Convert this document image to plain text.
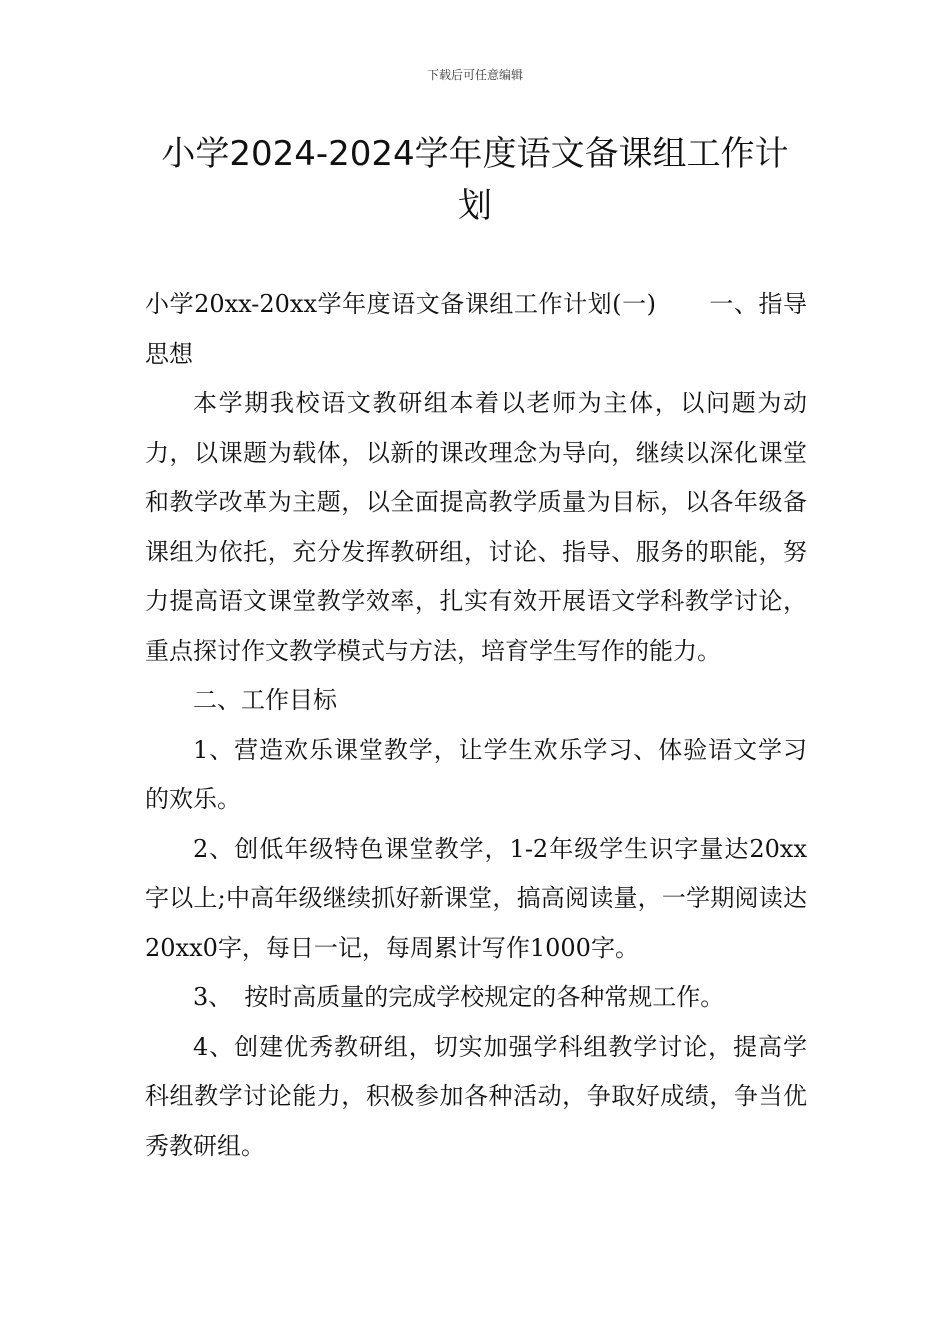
下载后可任意编辑
小学2024-2024学年度语文备课组工作计划

小学20xx-20xx学年度语文备课组工作计划(一) 一、指导思想

本学期我校语文教研组本着以老师为主体，以问题为动力，以课题为载体，以新的课改理念为导向，继续以深化课堂和教学改革为主题，以全面提高教学质量为目标，以各年级备课组为依托，充分发挥教研组，讨论、指导、服务的职能，努力提高语文课堂教学效率，扎实有效开展语文学科教学讨论，重点探讨作文教学模式与方法，培育学生写作的能力。

二、工作目标

1、营造欢乐课堂教学，让学生欢乐学习、体验语文学习的欢乐。

2、创低年级特色课堂教学，1-2年级学生识字量达20xx字以上;中高年级继续抓好新课堂，搞高阅读量，一学期阅读达20xx0字，每日一记，每周累计写作1000字。

3、　按时高质量的完成学校规定的各种常规工作。

4、创建优秀教研组，切实加强学科组教学讨论，提高学科组教学讨论能力，积极参加各种活动，争取好成绩，争当优秀教研组。
